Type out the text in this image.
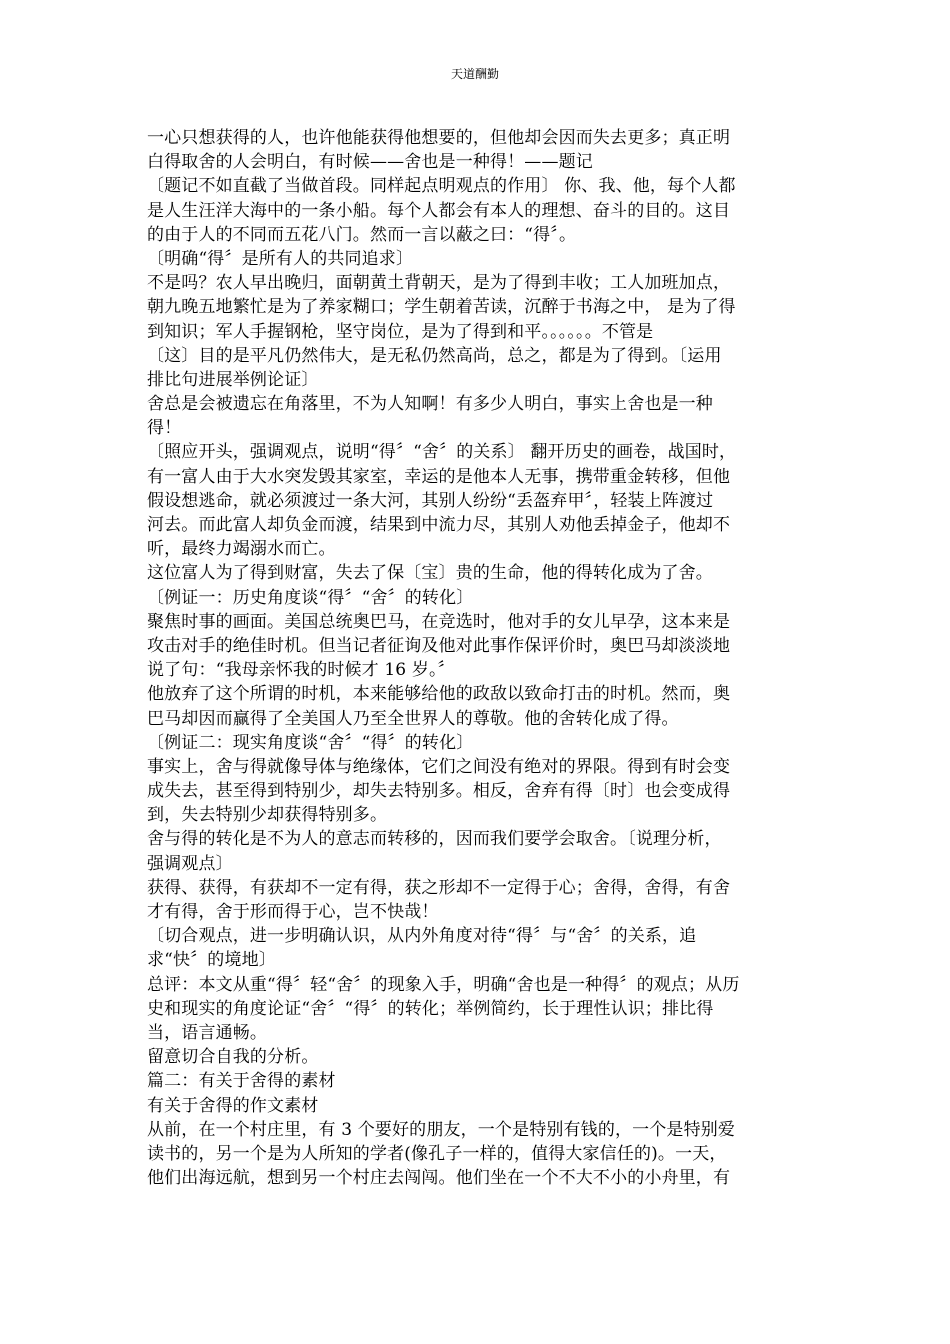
天道酬勤
一心只想获得的人，也许他能获得他想要的，但他却会因而失去更多；真正明
白得取舍的人会明白，有时候——舍也是一种得！——题记
〔题记不如直截了当做首段。同样起点明观点的作用〕 你、我、他，每个人都
是人生汪洋大海中的一条小船。每个人都会有本人的理想、奋斗的目的。这目
的由于人的不同而五花八门。然而一言以蔽之曰：“得〞。
〔明确“得〞是所有人的共同追求〕
不是吗？农人早出晚归，面朝黄土背朝天，是为了得到丰收；工人加班加点，
朝九晚五地繁忙是为了养家糊口；学生朝着苦读，沉醉于书海之中， 是为了得
到知识；军人手握钢枪，坚守岗位，是为了得到和平。。。。。。不管是
〔这〕目的是平凡仍然伟大，是无私仍然高尚，总之，都是为了得到。〔运用
排比句进展举例论证〕
舍总是会被遗忘在角落里，不为人知啊！有多少人明白，事实上舍也是一种
得！
〔照应开头，强调观点，说明“得〞“舍〞的关系〕 翻开历史的画卷，战国时，
有一富人由于大水突发毁其家室，幸运的是他本人无事，携带重金转移，但他
假设想逃命，就必须渡过一条大河，其别人纷纷“丢盔弃甲〞，轻装上阵渡过
河去。而此富人却负金而渡，结果到中流力尽，其别人劝他丢掉金子，他却不
听，最终力竭溺水而亡。
这位富人为了得到财富，失去了保〔宝〕贵的生命，他的得转化成为了舍。
〔例证一：历史角度谈“得〞“舍〞的转化〕
聚焦时事的画面。美国总统奥巴马，在竞选时，他对手的女儿早孕，这本来是
攻击对手的绝佳时机。但当记者征询及他对此事作保评价时，奥巴马却淡淡地
说了句：“我母亲怀我的时候才 16 岁。〞
他放弃了这个所谓的时机，本来能够给他的政敌以致命打击的时机。然而，奥
巴马却因而赢得了全美国人乃至全世界人的尊敬。他的舍转化成了得。
〔例证二：现实角度谈“舍〞“得〞的转化〕
事实上，舍与得就像导体与绝缘体，它们之间没有绝对的界限。得到有时会变
成失去，甚至得到特别少，却失去特别多。相反，舍弃有得〔时〕也会变成得
到，失去特别少却获得特别多。
舍与得的转化是不为人的意志而转移的，因而我们要学会取舍。〔说理分析，
强调观点〕
获得、获得，有获却不一定有得，获之形却不一定得于心；舍得，舍得，有舍
才有得，舍于形而得于心，岂不快哉！
〔切合观点，进一步明确认识，从内外角度对待“得〞与“舍〞的关系，追
求“快〞的境地〕
总评：本文从重“得〞轻“舍〞的现象入手，明确“舍也是一种得〞的观点；从历
史和现实的角度论证“舍〞“得〞的转化；举例简约，长于理性认识；排比得
当，语言通畅。
留意切合自我的分析。
篇二：有关于舍得的素材
有关于舍得的作文素材
从前，在一个村庄里，有 3 个要好的朋友，一个是特别有钱的，一个是特别爱
读书的，另一个是为人所知的学者(像孔子一样的，值得大家信任的)。一天，
他们出海远航，想到另一个村庄去闯闯。他们坐在一个不大不小的小舟里，有
